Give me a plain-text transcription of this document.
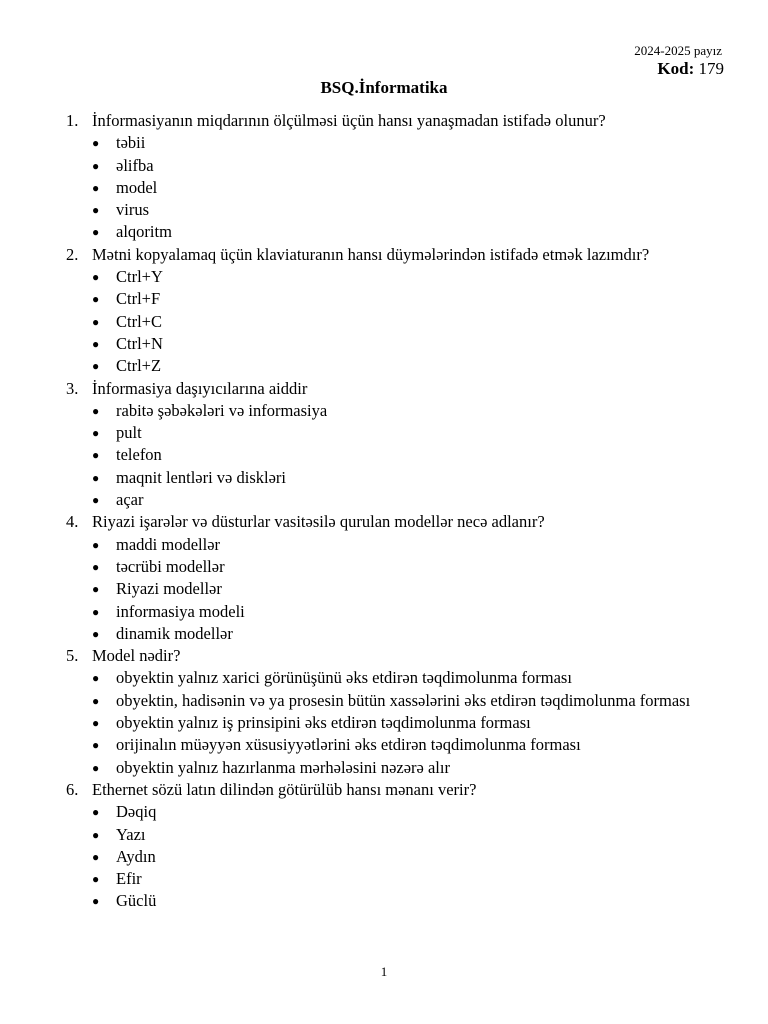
2024-2025 payız
Kod: 179
BSQ.İnformatika
1. İnformasiyanın miqdarının ölçülməsi üçün hansı yanaşmadan istifadə olunur?
● təbii
● əlifba
● model
● virus
● alqoritm
2. Mətni kopyalamaq üçün klaviaturanın hansı düymələrindən istifadə etmək lazımdır?
● Ctrl+Y
● Ctrl+F
● Ctrl+C
● Ctrl+N
● Ctrl+Z
3. İnformasiya daşıyıcılarına aiddir
● rabitə şəbəkələri və informasiya
● pult
● telefon
● maqnit lentləri və diskləri
● açar
4. Riyazi işarələr və düsturlar vasitəsilə qurulan modellər necə adlanır?
● maddi modellər
● təcrübi modellər
● Riyazi modellər
● informasiya modeli
● dinamik modellər
5. Model nədir?
● obyektin yalnız xarici görünüşünü əks etdirən təqdimolunma forması
● obyektin, hadisənin və ya prosesin bütün xassələrini əks etdirən təqdimolunma forması
● obyektin yalnız iş prinsipini əks etdirən təqdimolunma forması
● orijinalın müəyyən xüsusiyyətlərini əks etdirən təqdimolunma forması
● obyektin yalnız hazırlanma mərhələsini nəzərə alır
6. Ethernet sözü latın dilindən götürülüb hansı mənanı verir?
● Dəqiq
● Yazı
● Aydın
● Efir
● Güclü
1
